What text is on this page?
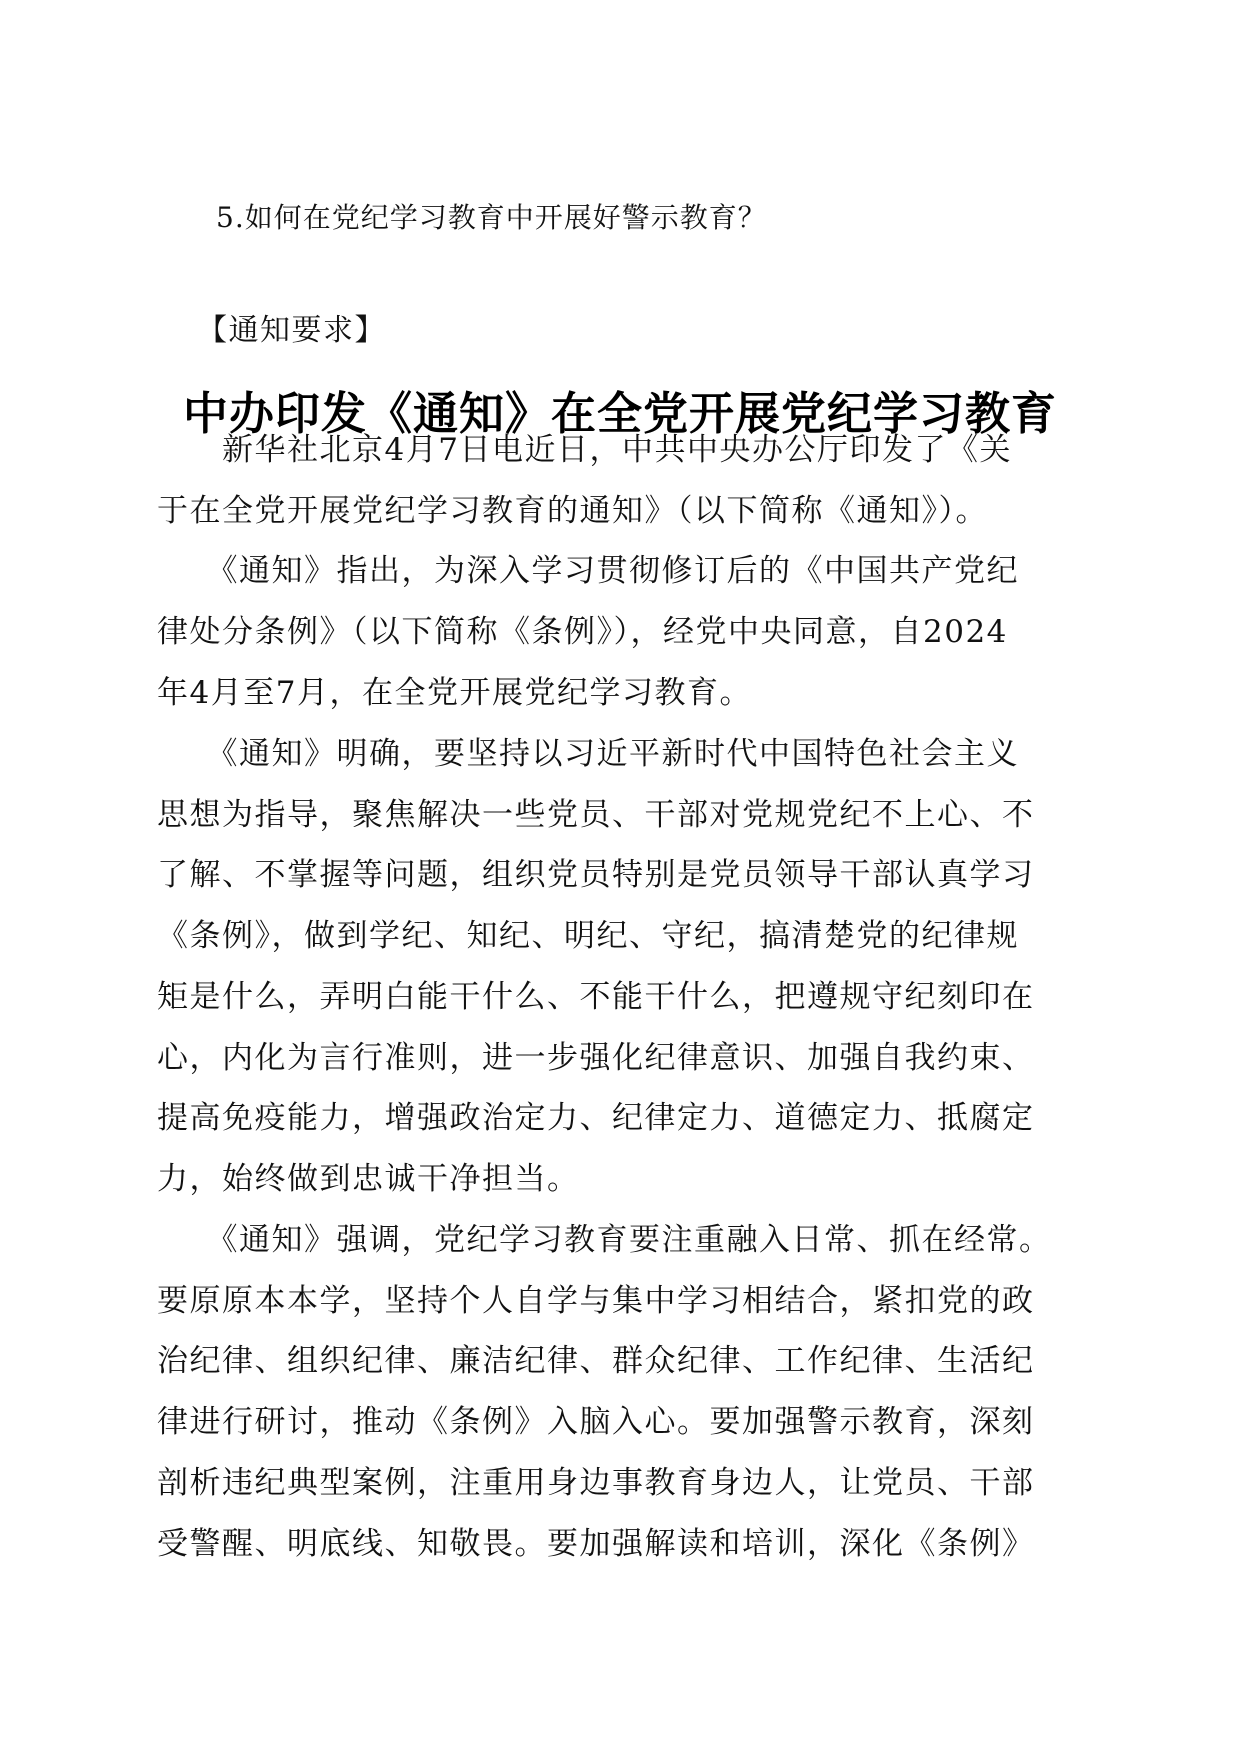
5.如何在党纪学习教育中开展好警示教育？
【通知要求】
中办印发《通知》在全党开展党纪学习教育
　　新华社北京4月7日电近日，中共中央办公厅印发了《关
于在全党开展党纪学习教育的通知》（以下简称《通知》）。
　　《通知》指出，为深入学习贯彻修订后的《中国共产党纪
律处分条例》（以下简称《条例》），经党中央同意，自2024
年4月至7月，在全党开展党纪学习教育。
　　《通知》明确，要坚持以习近平新时代中国特色社会主义
思想为指导，聚焦解决一些党员、干部对党规党纪不上心、不
了解、不掌握等问题，组织党员特别是党员领导干部认真学习
《条例》，做到学纪、知纪、明纪、守纪，搞清楚党的纪律规
矩是什么，弄明白能干什么、不能干什么，把遵规守纪刻印在
心，内化为言行准则，进一步强化纪律意识、加强自我约束、
提高免疫能力，增强政治定力、纪律定力、道德定力、抵腐定
力，始终做到忠诚干净担当。
　　《通知》强调，党纪学习教育要注重融入日常、抓在经常。
要原原本本学，坚持个人自学与集中学习相结合，紧扣党的政
治纪律、组织纪律、廉洁纪律、群众纪律、工作纪律、生活纪
律进行研讨，推动《条例》入脑入心。要加强警示教育，深刻
剖析违纪典型案例，注重用身边事教育身边人，让党员、干部
受警醒、明底线、知敬畏。要加强解读和培训，深化《条例》
